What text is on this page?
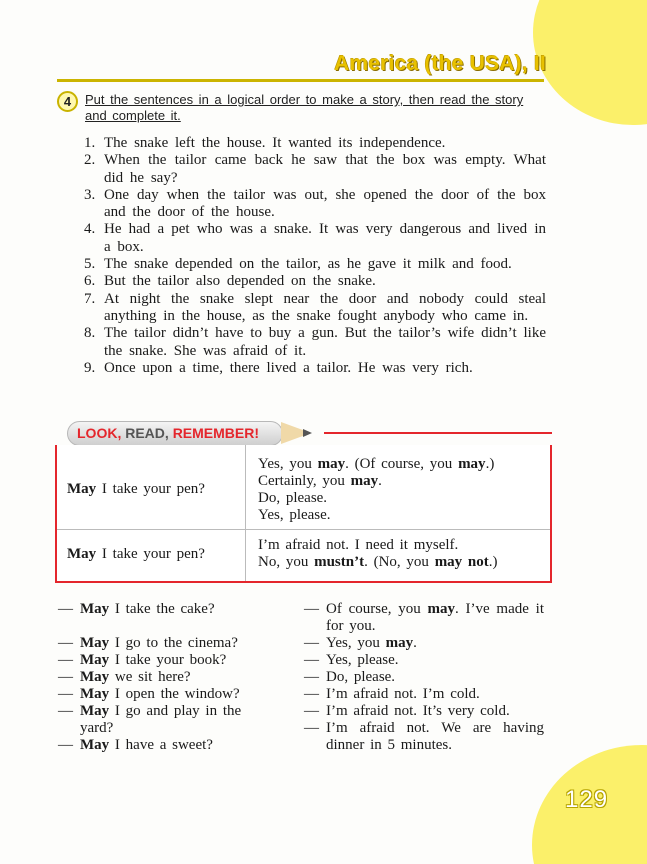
America (the USA), II
4	Put the sentences in a logical order to make a story, then read the story and complete it.
1. The snake left the house. It wanted its independence.
2. When the tailor came back he saw that the box was empty. What did he say?
3. One day when the tailor was out, she opened the door of the box and the door of the house.
4. He had a pet who was a snake. It was very dangerous and lived in a box.
5. The snake depended on the tailor, as he gave it milk and food.
6. But the tailor also depended on the snake.
7. At night the snake slept near the door and nobody could steal anything in the house, as the snake fought anybody who came in.
8. The tailor didn’t have to buy a gun. But the tailor’s wife didn’t like the snake. She was afraid of it.
9. Once upon a time, there lived a tailor. He was very rich.
LOOK, READ, REMEMBER!
May I take your pen?
Yes, you may. (Of course, you may.)
Certainly, you may.
Do, please.
Yes, please.
May I take your pen?
I’m afraid not. I need it myself.
No, you mustn’t. (No, you may not.)
— May I take the cake?
— May I go to the cinema?
— May I take your book?
— May we sit here?
— May I open the window?
— May I go and play in the yard?
— May I have a sweet?
— Of course, you may. I’ve made it for you.
— Yes, you may.
— Yes, please.
— Do, please.
— I’m afraid not. I’m cold.
— I’m afraid not. It’s very cold.
— I’m afraid not. We are having dinner in 5 minutes.
129
